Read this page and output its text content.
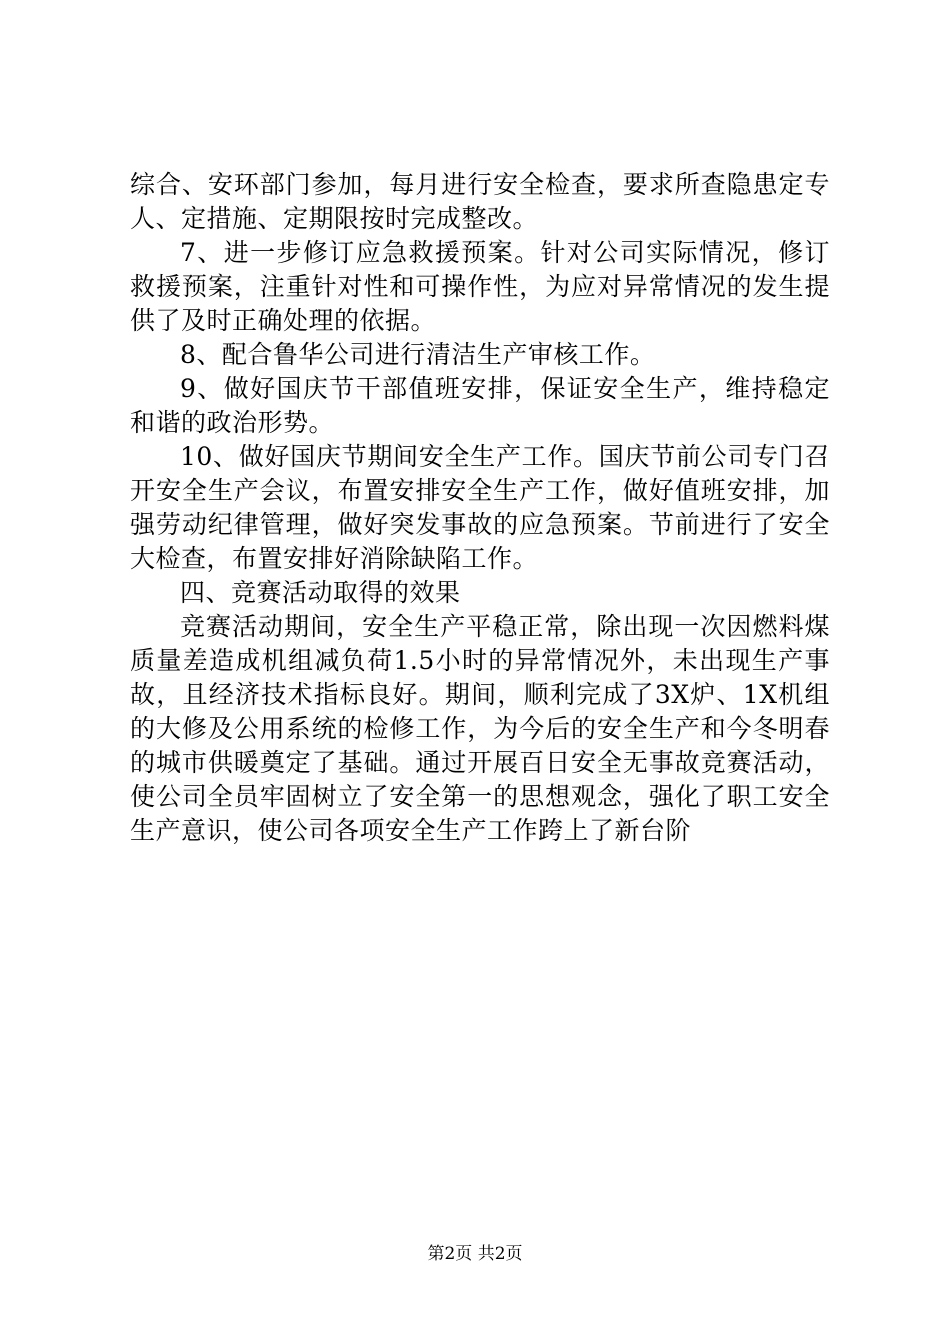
综合、安环部门参加，每月进行安全检查，要求所查隐患定专人、定措施、定期限按时完成整改。

7、进一步修订应急救援预案。针对公司实际情况，修订救援预案，注重针对性和可操作性，为应对异常情况的发生提供了及时正确处理的依据。

8、配合鲁华公司进行清洁生产审核工作。

9、做好国庆节干部值班安排，保证安全生产，维持稳定和谐的政治形势。

10、做好国庆节期间安全生产工作。国庆节前公司专门召开安全生产会议，布置安排安全生产工作，做好值班安排，加强劳动纪律管理，做好突发事故的应急预案。节前进行了安全大检查，布置安排好消除缺陷工作。

四、竞赛活动取得的效果

竞赛活动期间，安全生产平稳正常，除出现一次因燃料煤质量差造成机组减负荷1.5小时的异常情况外，未出现生产事故，且经济技术指标良好。期间，顺利完成了3X炉、1X机组的大修及公用系统的检修工作，为今后的安全生产和今冬明春的城市供暖奠定了基础。通过开展百日安全无事故竞赛活动，使公司全员牢固树立了安全第一的思想观念，强化了职工安全生产意识，使公司各项安全生产工作跨上了新台阶

第2页 共2页
